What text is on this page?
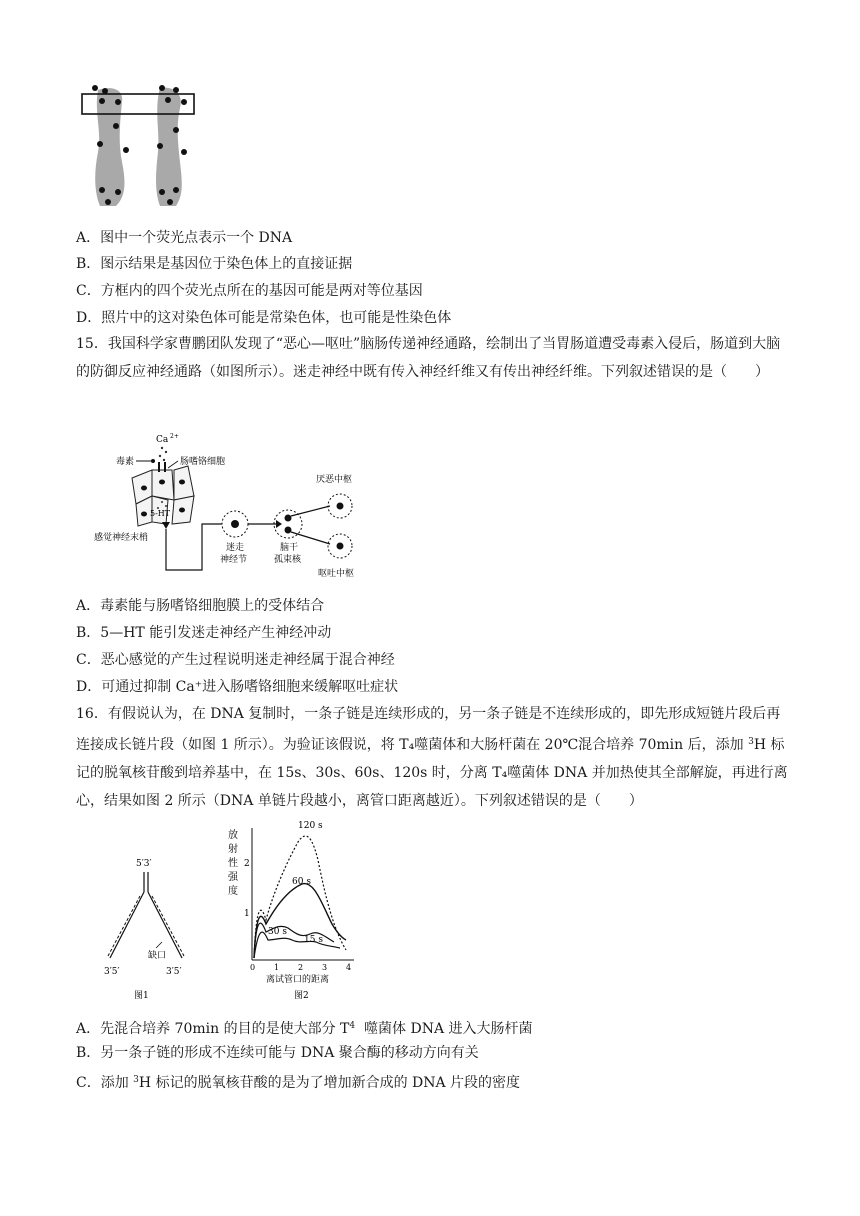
A．图中一个荧光点表示一个 DNA
B．图示结果是基因位于染色体上的直接证据
C．方框内的四个荧光点所在的基因可能是两对等位基因
D．照片中的这对染色体可能是常染色体，也可能是性染色体
15．我国科学家曹鹏团队发现了“恶心—呕吐”脑肠传递神经通路，绘制出了当胃肠道遭受毒素入侵后，肠道到大脑的防御反应神经通路（如图所示）。迷走神经中既有传入神经纤维又有传出神经纤维。下列叙述错误的是（　　）
Ca 2+
毒素	肠嗜铬细胞
5-HT
感觉神经末梢
迷走
神经节
脑干
孤束核
厌恶中枢
呕吐中枢
A．毒素能与肠嗜铬细胞膜上的受体结合
B．5—HT 能引发迷走神经产生神经冲动
C．恶心感觉的产生过程说明迷走神经属于混合神经
D．可通过抑制 Ca⁺进入肠嗜铬细胞来缓解呕吐症状
16．有假说认为，在 DNA 复制时，一条子链是连续形成的，另一条子链是不连续形成的，即先形成短链片段后再连接成长链片段（如图 1 所示）。为验证该假说，将 T₄噬菌体和大肠杆菌在 20℃混合培养 70min 后，添加 $^3$H 标记的脱氧核苷酸到培养基中，在 15s、30s、60s、120s 时，分离 T₄噬菌体 DNA 并加热使其全部解旋，再进行离心，结果如图 2 所示（DNA 单链片段越小，离管口距离越近）。下列叙述错误的是（　　）
5′3′
缺口
3′5′	3′5′
图1
放
射
性
强
度
1
2
0 1 2 3 4
离试管口的距离
图2
120 s
60 s
30 s
15 s
A．先混合培养 70min 的目的是使大部分 $T^4$  噬菌体 DNA 进入大肠杆菌
B．另一条子链的形成不连续可能与 DNA 聚合酶的移动方向有关
C．添加 $^3$H 标记的脱氧核苷酸的是为了增加新合成的 DNA 片段的密度
